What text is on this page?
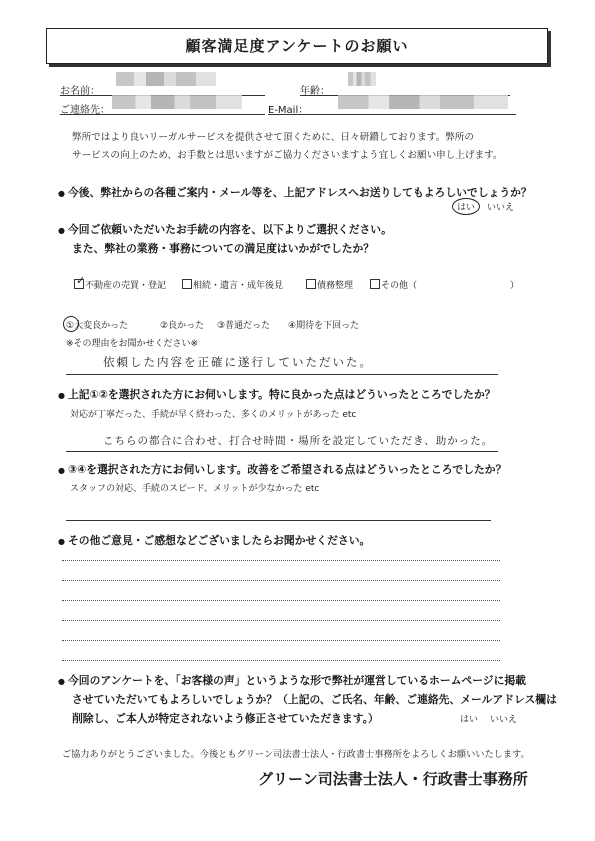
顧客満足度アンケートのお願い
お名前：	年齢：
ご連絡先：	E-Mail：
弊所ではより良いリーガルサービスを提供させて頂くために、日々研鑚しております。弊所の
サービスの向上のため、お手数とは思いますがご協力くださいますよう宜しくお願い申し上げます。
● 今後、弊社からの各種ご案内・メール等を、上記アドレスへお送りしてもよろしいでしょうか？
はい いいえ
● 今回ご依頼いただいたお手続の内容を、以下よりご選択ください。
また、弊社の業務・事務についての満足度はいかがでしたか？
✓ 不動産の売買・登記	相続・遺言・成年後見	債務整理	その他（	）
①大変良かった	②良かった ③普通だった ④期待を下回った
※その理由をお聞かせください※
依頼した内容を正確に遂行していただいた。
● 上記①②を選択された方にお伺いします。特に良かった点はどういったところでしたか？
対応が丁寧だった、手続が早く終わった、多くのメリットがあった etc
こちらの都合に合わせ、打合せ時間・場所を設定していただき、助かった。
● ③④を選択された方にお伺いします。改善をご希望される点はどういったところでしたか？
スタッフの対応、手続のスピード、メリットが少なかった etc
● その他ご意見・ご感想などございましたらお聞かせください。
● 今回のアンケートを、「お客様の声」というような形で弊社が運営しているホームページに掲載
させていただいてもよろしいでしょうか？（上記の、ご氏名、年齢、ご連絡先、メールアドレス欄は
削除し、ご本人が特定されないよう修正させていただきます。）	はい いいえ
ご協力ありがとうございました。今後ともグリーン司法書士法人・行政書士事務所をよろしくお願いいたします。
グリーン司法書士法人・行政書士事務所
